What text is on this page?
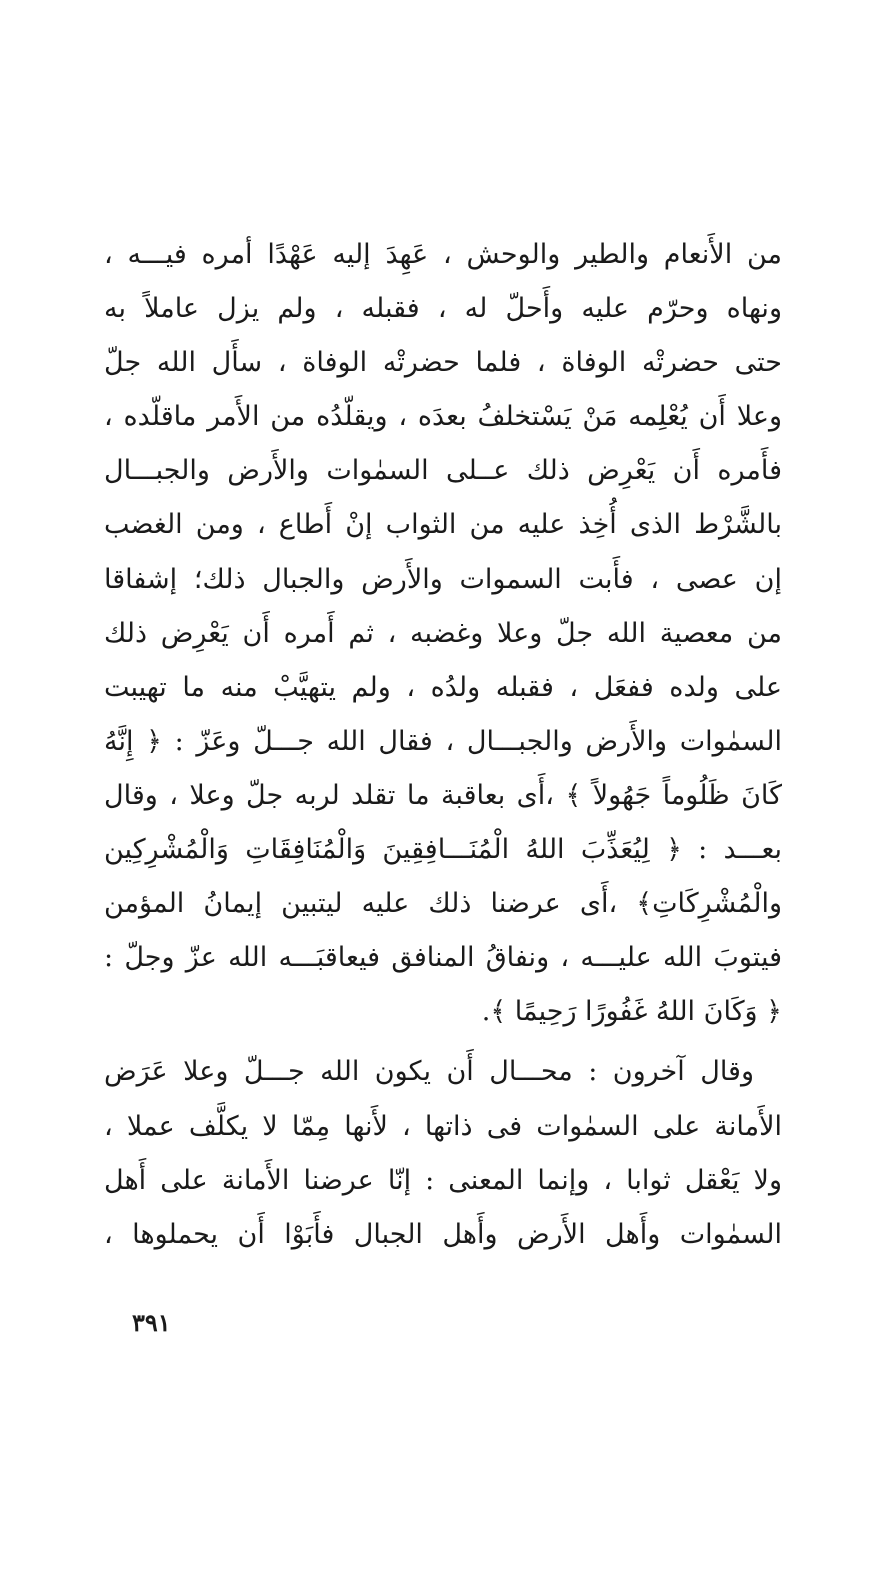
من الأَنعام والطير والوحش ، عَهِدَ إليه عَهْدًا أمره فيـــه ،
ونهاه وحرّم عليه وأَحلّ له ، فقبله ، ولم يزل عاملاً به
حتى حضرتْه الوفاة ، فلما حضرتْه الوفاة ، سأَل الله جلّ
وعلا أَن يُعْلِمه مَنْ يَسْتخلفُ بعدَه ، ويقلّدُه من الأَمر ماقلّده ،
فأَمره أَن يَعْرِض ذلك عــلى السمٰوات والأَرض والجبـــال
بالشَّرْط الذى أُخِذ عليه من الثواب إنْ أَطاع ، ومن الغضب
إن عصى ، فأَبت السموات والأَرض والجبال ذلك؛ إشفاقا
من معصية الله جلّ وعلا وغضبه ، ثم أَمره أَن يَعْرِض ذلك
على ولده ففعَل ، فقبله ولدُه ، ولم يتهيَّبْ منه ما تهيبت
السمٰوات والأَرض والجبـــال ، فقال الله جـــلّ وعَزّ : ﴿ إِنَّهُ
كَانَ ظَلُوماً جَهُولاً ﴾ ،أَى بعاقبة ما تقلد لربه جلّ وعلا ، وقال
بعـــد : ﴿ لِيُعَذِّبَ اللهُ الْمُنَـــافِقِينَ وَالْمُنَافِقَاتِ وَالْمُشْرِكِين
والْمُشْرِكَاتِ﴾ ،أَى عرضنا ذلك عليه ليتبين إيمانُ المؤمن
فيتوبَ الله عليـــه ، ونفاقُ المنافق فيعاقبَـــه الله عزّ وجلّ :
﴿ وَكَانَ اللهُ غَفُورًا رَحِيمًا ﴾.
وقال آخرون : محـــال أَن يكون الله جـــلّ وعلا عَرَض
الأَمانة على السمٰوات فى ذاتها ، لأَنها مِمّا لا يكلَّف عملا ،
ولا يَعْقل ثوابا ، وإنما المعنى : إنّا عرضنا الأَمانة على أَهل
السمٰوات وأَهل الأَرض وأَهل الجبال فأَبَوْا أَن يحملوها ،
٣٩١
